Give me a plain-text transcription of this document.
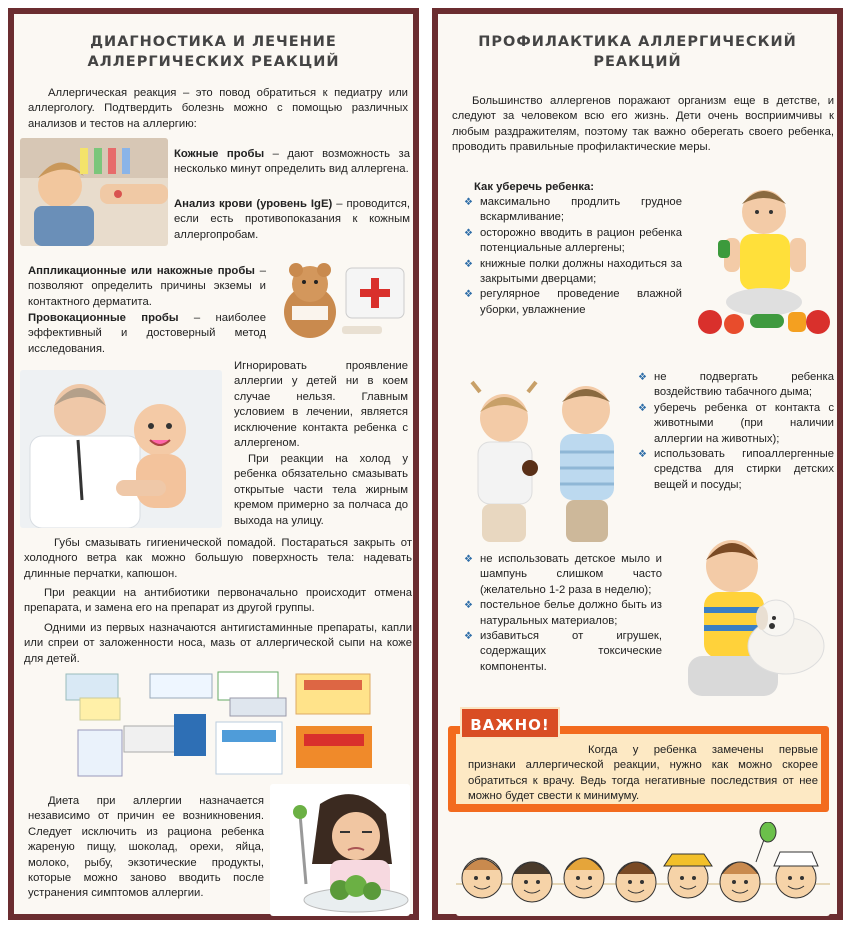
ДИАГНОСТИКА И ЛЕЧЕНИЕ
АЛЛЕРГИЧЕСКИХ РЕАКЦИЙ

Аллергическая реакция – это повод обратиться к педиатру или аллергологу. Подтвердить болезнь можно с помощью различных анализов и тестов на аллергию:

Кожные пробы – дают возможность за несколько минут определить вид аллергена.

Анализ крови (уровень IgE) – проводится, если есть противопоказания к кожным аллергопробам.

Аппликационные или накожные пробы – позволяют определить причины экземы и контактного дерматита.

Провокационные пробы – наиболее эффективный и достоверный метод исследования.

Игнорировать проявление аллергии у детей ни в коем случае нельзя. Главным условием в лечении, является исключение контакта ребенка с аллергеном.

При реакции на холод у ребенка обязательно смазывать открытые части тела жирным кремом примерно за полчаса до выхода на улицу.

Губы смазывать гигиенической помадой. Постараться закрыть от холодного ветра как можно большую поверхность тела: надевать длинные перчатки, капюшон.

При реакции на антибиотики первоначально происходит отмена препарата, и замена его на препарат из другой группы.

Одними из первых назначаются антигистаминные препараты, капли или спреи от заложенности носа, мазь от аллергической сыпи на коже для детей.

Диета при аллергии назначается независимо от причин ее возникновения. Следует исключить из рациона ребенка жареную пищу, шоколад, орехи, яйца, молоко, рыбу, экзотические продукты, которые можно заново вводить после устранения симптомов аллергии.

ПРОФИЛАКТИКА АЛЛЕРГИЧЕСКИЙ
РЕАКЦИЙ

Большинство аллергенов поражают организм еще в детстве, и следуют за человеком всю его жизнь. Дети очень восприимчивы к любым раздражителям, поэтому так важно оберегать своего ребенка, проводить правильные профилактические меры.

Как уберечь ребенка:

❖ максимально продлить грудное вскармливание;
❖ осторожно вводить в рацион ребенка потенциальные аллергены;
❖ книжные полки должны находиться за закрытыми дверцами;
❖ регулярное проведение влажной уборки, увлажнение
❖ не подвергать ребенка воздействию табачного дыма;
❖ уберечь ребенка от контакта с животными (при наличии аллергии на животных);
❖ использовать гипоаллергенные средства для стирки детских вещей и посуды;
❖ не использовать детское мыло и шампунь слишком часто (желательно 1-2 раза в неделю);
❖ постельное белье должно быть из натуральных материалов;
❖ избавиться от игрушек, содержащих токсические компоненты.
ВАЖНО!

Когда у ребенка замечены первые признаки аллергической реакции, нужно как можно скорее обратиться к врачу. Ведь тогда негативные последствия от нее можно будет свести к минимуму.
